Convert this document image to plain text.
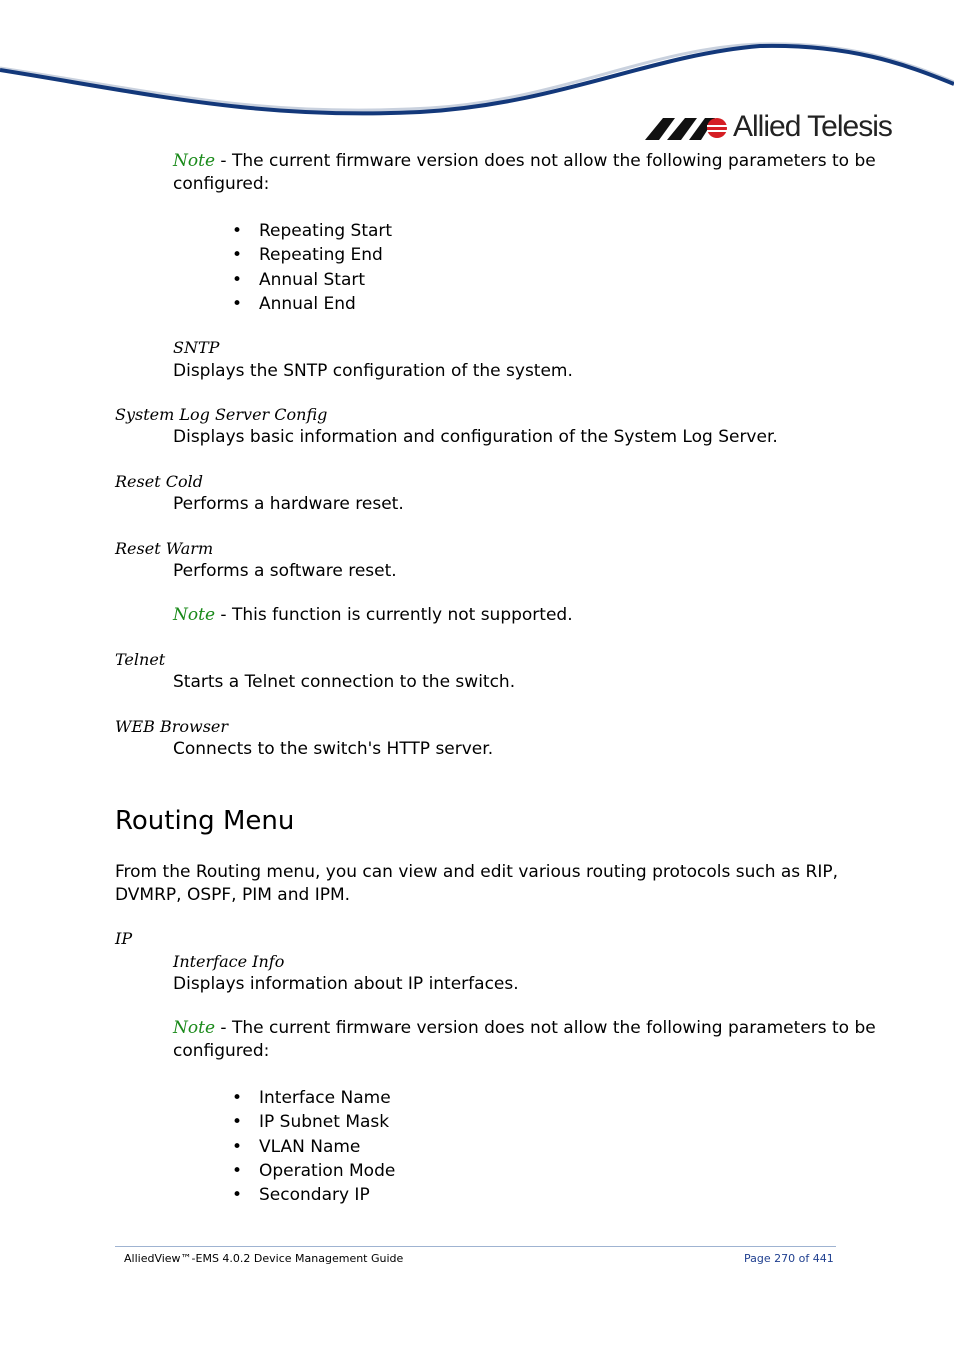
Allied Telesis
Note - The current firmware version does not allow the following parameters to be
configured:
• Repeating Start
• Repeating End
• Annual Start
• Annual End
SNTP
Displays the SNTP configuration of the system.
System Log Server Config
Displays basic information and configuration of the System Log Server.
Reset Cold
Performs a hardware reset.
Reset Warm
Performs a software reset.
Note - This function is currently not supported.
Telnet
Starts a Telnet connection to the switch.
WEB Browser
Connects to the switch's HTTP server.
Routing Menu
From the Routing menu, you can view and edit various routing protocols such as RIP,
DVMRP, OSPF, PIM and IPM.
IP
Interface Info
Displays information about IP interfaces.
Note - The current firmware version does not allow the following parameters to be
configured:
• Interface Name
• IP Subnet Mask
• VLAN Name
• Operation Mode
• Secondary IP
AlliedView™-EMS 4.0.2 Device Management Guide	Page 270 of 441
